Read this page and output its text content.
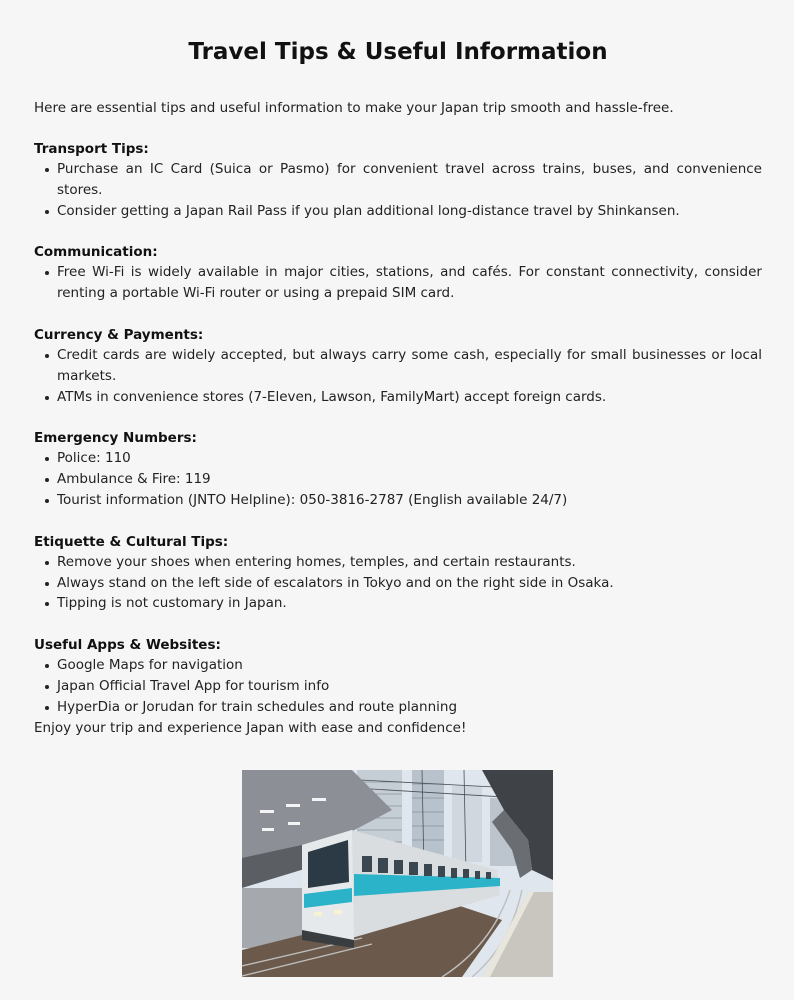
Travel Tips & Useful Information

Here are essential tips and useful information to make your Japan trip smooth and hassle-free.

Transport Tips:
Purchase an IC Card (Suica or Pasmo) for convenient travel across trains, buses, and convenience stores.
Consider getting a Japan Rail Pass if you plan additional long-distance travel by Shinkansen.
Communication:
Free Wi-Fi is widely available in major cities, stations, and cafés. For constant connectivity, consider renting a portable Wi-Fi router or using a prepaid SIM card.
Currency & Payments:
Credit cards are widely accepted, but always carry some cash, especially for small businesses or local markets.
ATMs in convenience stores (7-Eleven, Lawson, FamilyMart) accept foreign cards.
Emergency Numbers:
Police: 110
Ambulance & Fire: 119
Tourist information (JNTO Helpline): 050-3816-2787 (English available 24/7)
Etiquette & Cultural Tips:
Remove your shoes when entering homes, temples, and certain restaurants.
Always stand on the left side of escalators in Tokyo and on the right side in Osaka.
Tipping is not customary in Japan.
Useful Apps & Websites:
Google Maps for navigation
Japan Official Travel App for tourism info
HyperDia or Jorudan for train schedules and route planning

Enjoy your trip and experience Japan with ease and confidence!
